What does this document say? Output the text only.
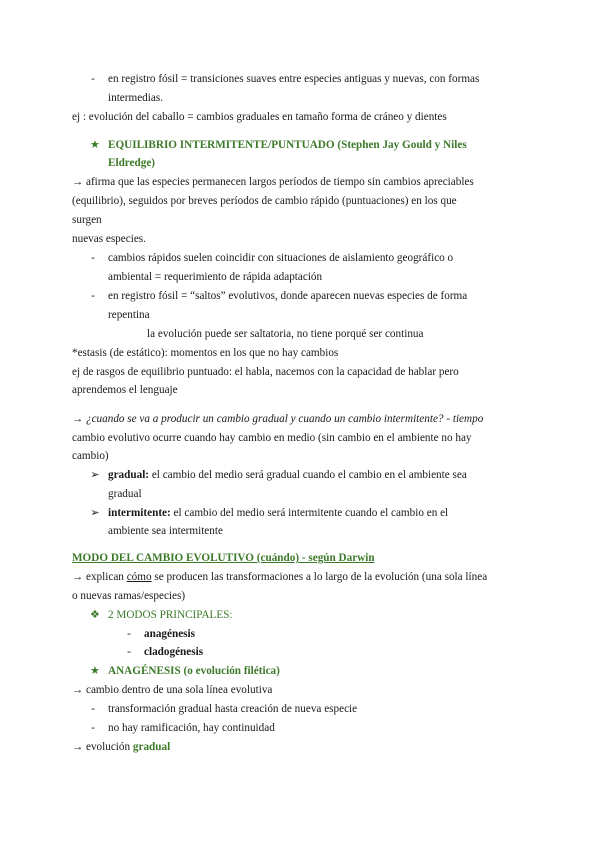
-	en registro fósil = transiciones suaves entre especies antiguas y nuevas, con formas
intermedias.
ej : evolución del caballo = cambios graduales en tamaño forma de cráneo y dientes
★ EQUILIBRIO INTERMITENTE/PUNTUADO (Stephen Jay Gould y Niles
Eldredge)
→ afirma que las especies permanecen largos períodos de tiempo sin cambios apreciables
(equilibrio), seguidos por breves períodos de cambio rápido (puntuaciones) en los que
surgen
nuevas especies.
-	cambios rápidos suelen coincidir con situaciones de aislamiento geográfico o
ambiental = requerimiento de rápida adaptación
-	en registro fósil = “saltos” evolutivos, donde aparecen nuevas especies de forma
repentina
la evolución puede ser saltatoria, no tiene porqué ser continua
*estasis (de estático): momentos en los que no hay cambios
ej de rasgos de equilibrio puntuado: el habla, nacemos con la capacidad de hablar pero
aprendemos el lenguaje
→ ¿cuando se va a producir un cambio gradual y cuando un cambio intermitente? - tiempo
cambio evolutivo ocurre cuando hay cambio en medio (sin cambio en el ambiente no hay
cambio)
➢ gradual: el cambio del medio será gradual cuando el cambio en el ambiente sea
gradual
➢ intermitente: el cambio del medio será intermitente cuando el cambio en el
ambiente sea intermitente
MODO DEL CAMBIO EVOLUTIVO (cuándo) - según Darwin
→ explican cómo se producen las transformaciones a lo largo de la evolución (una sola línea
o nuevas ramas/especies)
❖ 2 MODOS PRINCIPALES:
-	anagénesis
-	cladogénesis
★ ANAGÉNESIS (o evolución filética)
→ cambio dentro de una sola línea evolutiva
-	transformación gradual hasta creación de nueva especie
-	no hay ramificación, hay continuidad
→ evolución gradual
